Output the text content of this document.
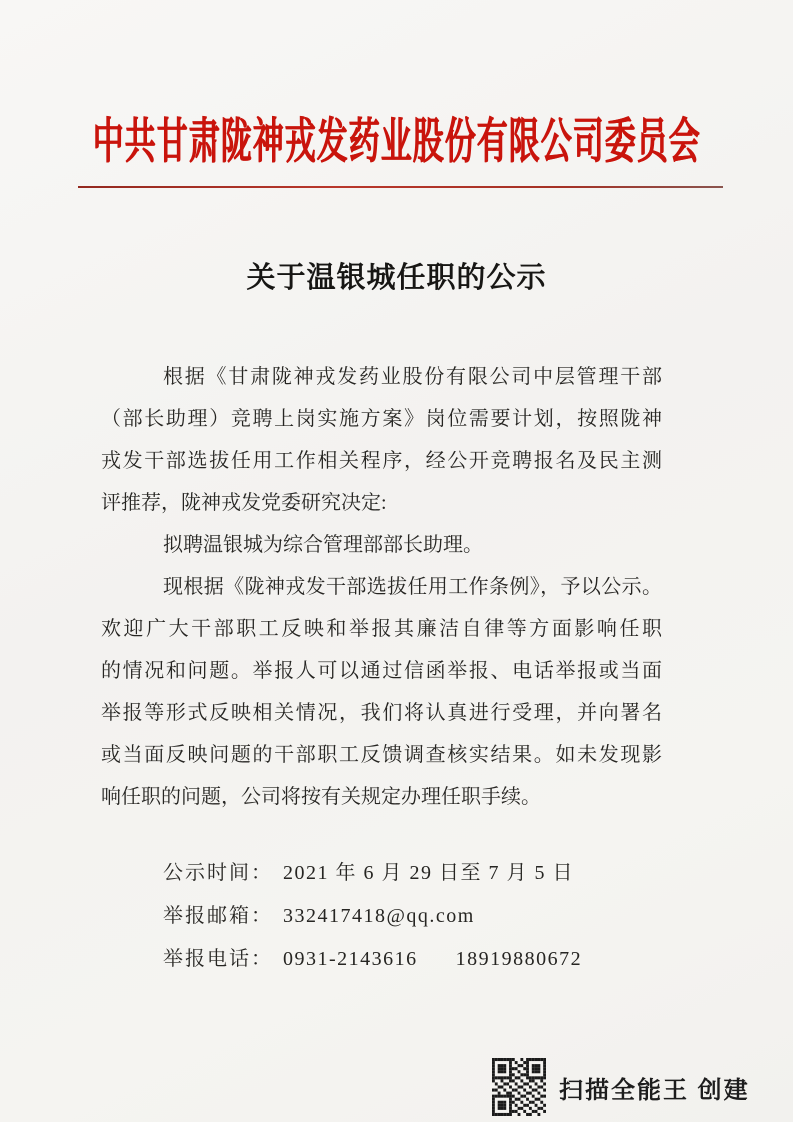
中共甘肃陇神戎发药业股份有限公司委员会
关于温银城任职的公示
根据《甘肃陇神戎发药业股份有限公司中层管理干部
（部长助理）竞聘上岗实施方案》岗位需要计划，按照陇神
戎发干部选拔任用工作相关程序，经公开竞聘报名及民主测
评推荐，陇神戎发党委研究决定:
拟聘温银城为综合管理部部长助理。
现根据《陇神戎发干部选拔任用工作条例》，予以公示。
欢迎广大干部职工反映和举报其廉洁自律等方面影响任职
的情况和问题。举报人可以通过信函举报、电话举报或当面
举报等形式反映相关情况，我们将认真进行受理，并向署名
或当面反映问题的干部职工反馈调查核实结果。如未发现影
响任职的问题，公司将按有关规定办理任职手续。
公示时间： 2021 年 6 月 29 日至 7 月 5 日
举报邮箱： 332417418@qq.com
举报电话： 0931-2143616 18919880672
扫描全能王 创建
